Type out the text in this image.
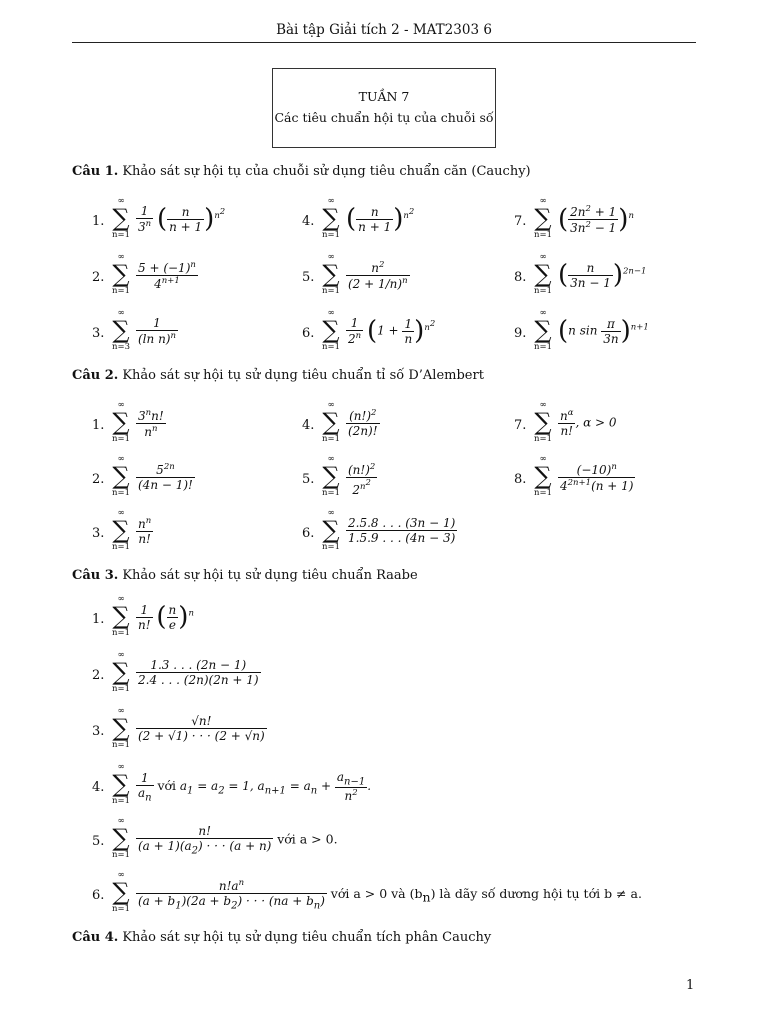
Bài tập Giải tích 2 - MAT2303 6
TUẦN 7
Các tiêu chuẩn hội tụ của chuỗi số
Câu 1. Khảo sát sự hội tụ của chuỗi sử dụng tiêu chuẩn căn (Cauchy)
1.
∞
∑
n=1
$\frac{1}{3^n}$ ( $\frac{n}{n + 1} )^{n^2}$
2.
∞
∑
$n=1 \frac{5 + (-1)^n}{4^{n+1}}$
3.
∞
∑
n=3
$\frac{1}{(\ln n)^n}$
4.
∞
∑
n=1
( $\frac{n}{n + 1} )^{n^2}$
5.
∞
∑
$n=1 \frac{n^2}{(2 + 1/n)^n}$
6.
∞
∑
n=1
$\frac{1}{2^n} (1 + \frac{1}{n} )^{n^2}$
7.
∞
∑
n=1
( $\frac{2n^2 + 1}{3n^2 - 1} )^n$
8.
∞
∑
n=1
( $\frac{n}{3n - 1} )^{2n-1}$
9.
∞
∑
n=1
(n $\sin \frac{\pi}{3n} )^{n+1}$
Câu 2. Khảo sát sự hội tụ sử dụng tiêu chuẩn tỉ số D’Alembert
1.
∞
∑
$n=1 \frac{3^nn!}{n^n}$
2.
∞
∑
n=1
$\frac{5^{2n}}{(4n - 1)!}$
3.
∞
∑
n=1
$\frac{n^n}{n!}$
4.
∞
∑
n=1
$\frac{(n!)^2}{(2n)!}$
5.
∞
∑
$n=1 \frac{(n!)^2}{2^{n^2}}$
6.
∞
∑
n=1
$\frac{2.5.8 . . . (3n - 1)}{1.5.9 . . . (4n - 3)}$
7.
∞
∑
n=1
$\frac{n^\alpha}{n!}$ , α > 0
8.
∞
∑
$n=1 \frac{(-10)^n}{4^{2n+1}(n + 1)}$
Câu 3. Khảo sát sự hội tụ sử dụng tiêu chuẩn Raabe
1.
∞
∑
n=1
$\frac{1}{n!}$ ( $\frac{n}{e} )^n$
2.
∞
∑
n=1
$\frac{1.3 . . . (2n - 1)}{2.4 . . . (2n)(2n + 1)}$
3.
∞
∑
n=1
$\frac{√n!}{(2 + √1) \cdot \cdot \cdot (2 + √n)}$
4.
∞
∑
$n=1 \frac{1}{a_n}$ với $a_1 = a_2 = 1$, $a_{n+1} = a_n + \frac{a_{n-1}}{n^2}$ .
5.
∞
∑
$n=1 \frac{n!}{(a + 1)(a_2) \cdot \cdot \cdot (a + n)}$ với a > 0.
6.
∞
∑
$n=1 \frac{n!a^n}{(a + b_1)(2a + b_2) \cdot \cdot \cdot (na + b_n)}$ với a > 0 và $(b_n)$ là dãy số dương hội tụ tới b ≠ a.
Câu 4. Khảo sát sự hội tụ sử dụng tiêu chuẩn tích phân Cauchy
1
